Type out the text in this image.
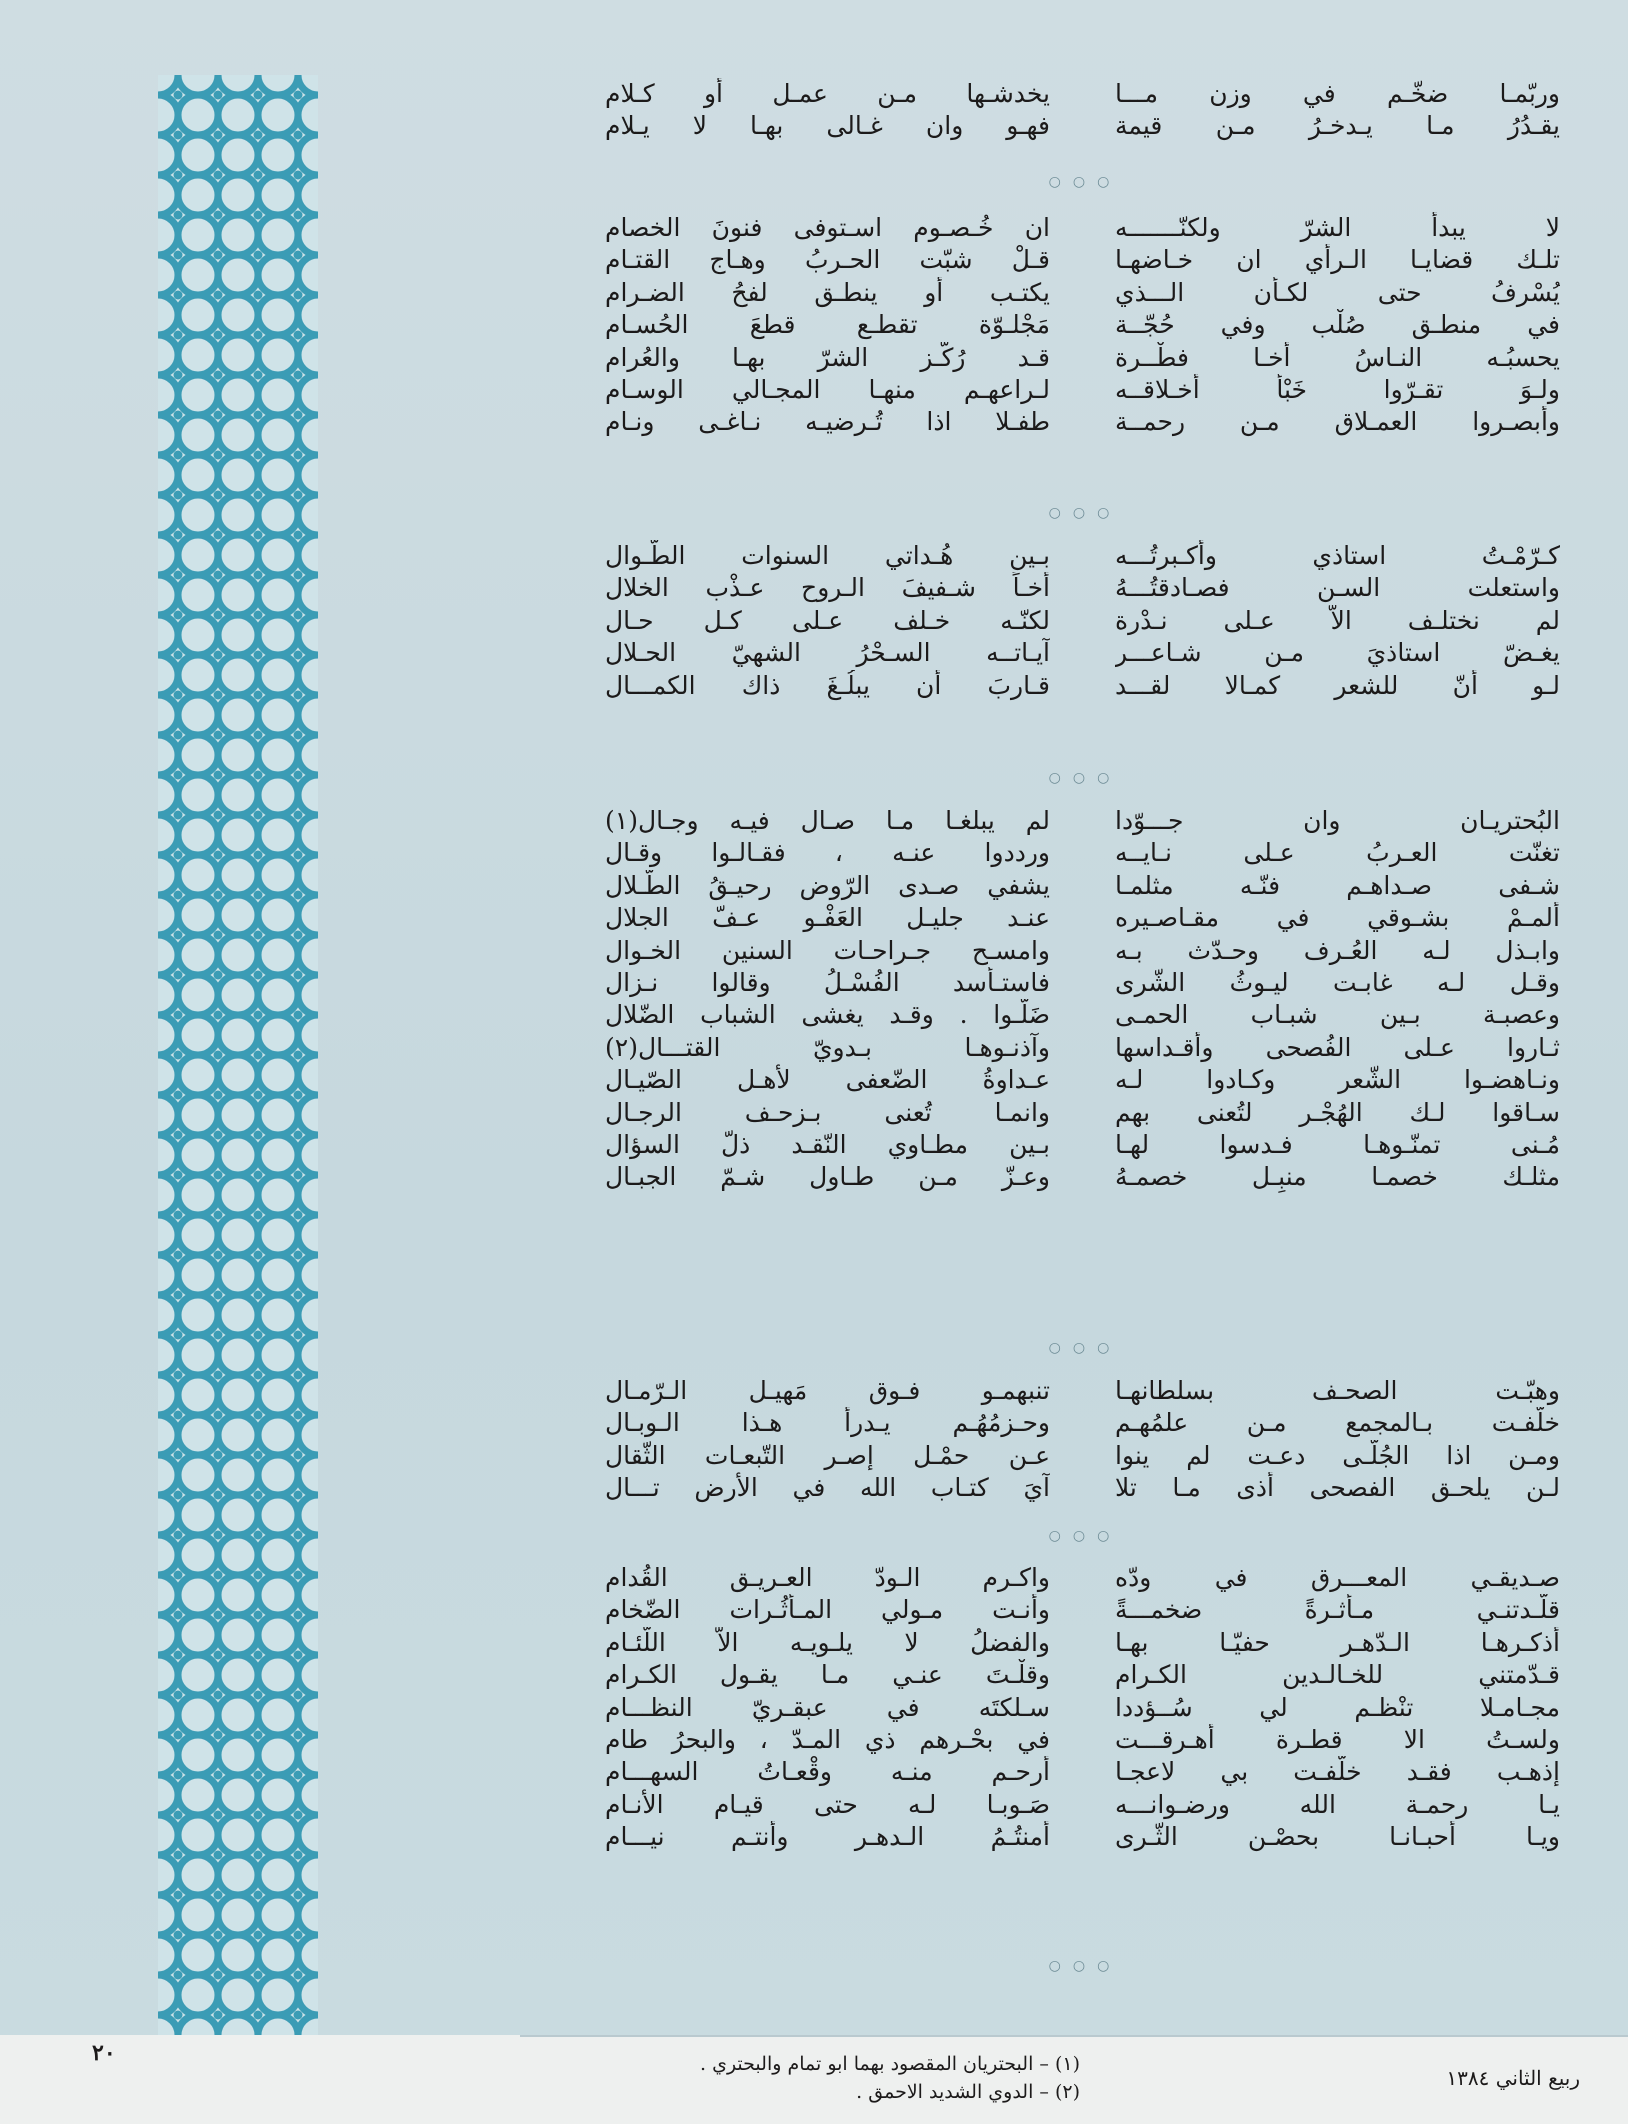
وربّمـا ضخّـم في وزن مـــا
يقـدُرُ مـا يـدخـرُ مـن قيمة
يخدشـها مـن عمـل أو كـلام
فهـو وان غـالى بهـا لا يـلام
لا يبدأ الشرّ ولكنّـــــــه
تلـك قضايـا الـرأي ان خـاضهـا
يُسْرفُ حتى لكـأن الـــذي
في منطـق صُلْب وفي حُجّــة
يحسبُـه النـاسُ أخـا فطْــرة
ولـوَ تقـرّوا خَبْأ أخـلاقــه
وأبصـروا العمـلاق مـن رحمــة
ان خُـصـوم اسـتوفى فنونَ الخصام
قـلْ شبّت الحـربُ وهـاج القتـام
يكتـب أو ينطـق لفحُ الضـرام
مَجْلـوّة تقطـع قطعَ الحُسـام
قـد رُكّـز الشرّ بهـا والعُرام
لـراعهـم منهـا المجـالي الوسـام
طفـلا اذا تُـرضيـه نـاغـى ونـام
كـرّمْـتُ استاذي وأكـبرتُـــه
واستعلت السـن فصـادقتُـــهُ
لم نختلـف الاّ عـلى نـدْرة
يغـضّ استاذيَ مـن شـاعـــر
لـو أنّ للشعر كمـالا لقـــد
بـين هُـداتي السنوات الطّـوال
أخـاً شـفيفَ الـروح عـذْب الخلال
لكنّـه خـلف عـلى كـل حـال
آيـاتــه السـحْرُ الشهيّ الحـلال
قـاربَ أن يبلُـغَ ذاك الكمـــال
البُحتريـان وان جـــوّدا
تغنّت العـربُ عـلى نـايــه
شـفى صـداهـم فنّـه مثلمـا
ألمـمْ بشـوقي في مقـاصـيره
وابـذل لـه العُـرف وحـدّث بـه
وقـل لـه غابـت ليـوثُ الشّرى
وعصبـة بـين شبـاب الحمـى
ثـاروا عـلى الفُصحى وأقـداسها
ونـاهضـوا الشّعر وكـادوا لـه
سـاقوا لـك الهُجْـر لتُعنى بهم
مُـنى تمنّـوهـا فـدسوا لهـا
مثلـك خصمـا منبِـل خصمـهُ
لم يبلغـا مـا صـال فيـه وجـال(١)
ورددوا عنـه ، فقـالـوا وقـال
يشفي صـدى الرّوض رحيـقُ الطّـلال
عنـد جليـل العَفْـو عـفّ الجلال
وامسـح جـراحـات السنين الخـوال
فاستـأسد الفُسْـلُ وقالوا نـزال
ضَلّـوا . وقـد يغشى الشباب الضّلال
وآذنـوهـا بـدويّ القتـــال(٢)
عـداوةُ الضّعفى لأهـل الصّيـال
وانمـا تُعنى بـزحـف الرجـال
بـين مطـاوي النّقـد ذلّ السؤال
وعـزّ مـن طـاول شـمّ الجبـال
وهبّـت الصحـف بسلطانهـا
خلّفـت بـالمجمع مـن علمُهـم
ومـن اذا الجُلّـى دعـت لم ينوا
لـن يلحـق الفصحى أذى مـا تلا
تنبهمـو فـوق مَهيـل الـرّمـال
وحـزمُهُـم يـدرأ هـذا الـوبـال
عـن حمْـل إصـر التّبعـات الثّقال
آيَ كتـاب الله في الأرض تـــال
صـديقـي المعـــرق في ودّه
قلّـدتنـي مـأثـرةً ضخمـــةً
أذكـرهـا الـدّهـر حفيّـا بهـا
قـدّمتني للخـالـدين الكـرام
مجـامـلا تنْظـم لي سُــؤددا
ولسـتُ الا قطـرة أهـرقـــت
إذهـب فقـد خلّفـت بي لاعجـا
يـا رحمـة الله ورضـوانـــه
ويـا أحبـانـا بحصْـن الثّـرى
واكـرم الـودّ العـريـق القُدام
وأنـت مـولي المـأثُـرات الضّخام
والفضلُ لا يلـويـه الاّ اللّئـام
وقلْـتَ عنـي مـا يقـول الكـرام
سـلكتَه في عبقـريّ النظـــام
في بحْـرهم ذي المـدّ ، والبحرُ طام
أرحـم منـه وقْعـاتُ السهـــام
صَـوبـا لـه حتى قيـام الأنـام
أمنتُـمُ الـدهـر وأنتـم نيـــام
○○○
○○○
○○○
○○○
○○○
○○○
٢٠	(١) – البحتريان المقصود بهما ابو تمام والبحتري .
(٢) – الدوي الشديد الاحمق .
ربيع الثاني ١٣٨٤
